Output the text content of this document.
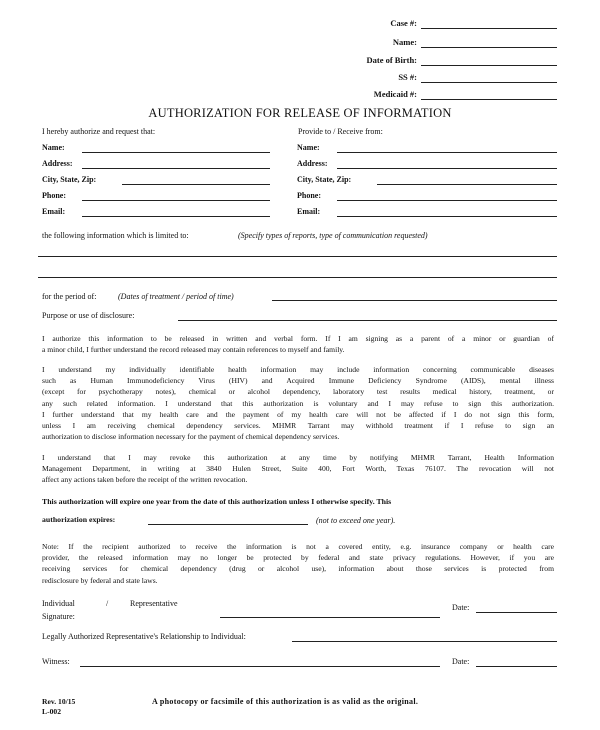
Case #:
Name:
Date of Birth:
SS #:
Medicaid #:
AUTHORIZATION FOR RELEASE OF INFORMATION
I hereby authorize and request that:
Name:
Address:
City, State, Zip:
Phone:
Email:
Provide to / Receive from:
Name:
Address:
City, State, Zip:
Phone:
Email:
the following information which is limited to:	(Specify types of reports, type of communication requested)
for the period of:	(Dates of treatment / period of time)
Purpose or use of disclosure:
I authorize this information to be released in written and verbal form. If I am signing as a parent of a minor or guardian of
a minor child, I further understand the record released may contain references to myself and family.
I understand my individually identifiable health information may include information concerning communicable diseases
such as Human Immunodeficiency Virus (HIV) and Acquired Immune Deficiency Syndrome (AIDS), mental illness
(except for psychotherapy notes), chemical or alcohol dependency, laboratory test results medical history, treatment, or
any such related information. I understand that this authorization is voluntary and I may refuse to sign this authorization.
I further understand that my health care and the payment of my health care will not be affected if I do not sign this form,
unless I am receiving chemical dependency services. MHMR Tarrant may withhold treatment if I refuse to sign an
authorization to disclose information necessary for the payment of chemical dependency services.
I understand that I may revoke this authorization at any time by notifying MHMR Tarrant, Health Information
Management Department, in writing at 3840 Hulen Street, Suite 400, Fort Worth, Texas 76107. The revocation will not
affect any actions taken before the receipt of the written revocation.
This authorization will expire one year from the date of this authorization unless I otherwise specify. This
authorization expires:	(not to exceed one year).
Note: If the recipient authorized to receive the information is not a covered entity, e.g. insurance company or health care
provider, the released information may no longer be protected by federal and state privacy regulations. However, if you are
receiving services for chemical dependency (drug or alcohol use), information about those services is protected from
redisclosure by federal and state laws.
Individual	/	Representative
Signature:
Date:
Legally Authorized Representative's Relationship to Individual:
Witness:	Date:
Rev. 10/15
L-002
A photocopy or facsimile of this authorization is as valid as the original.
